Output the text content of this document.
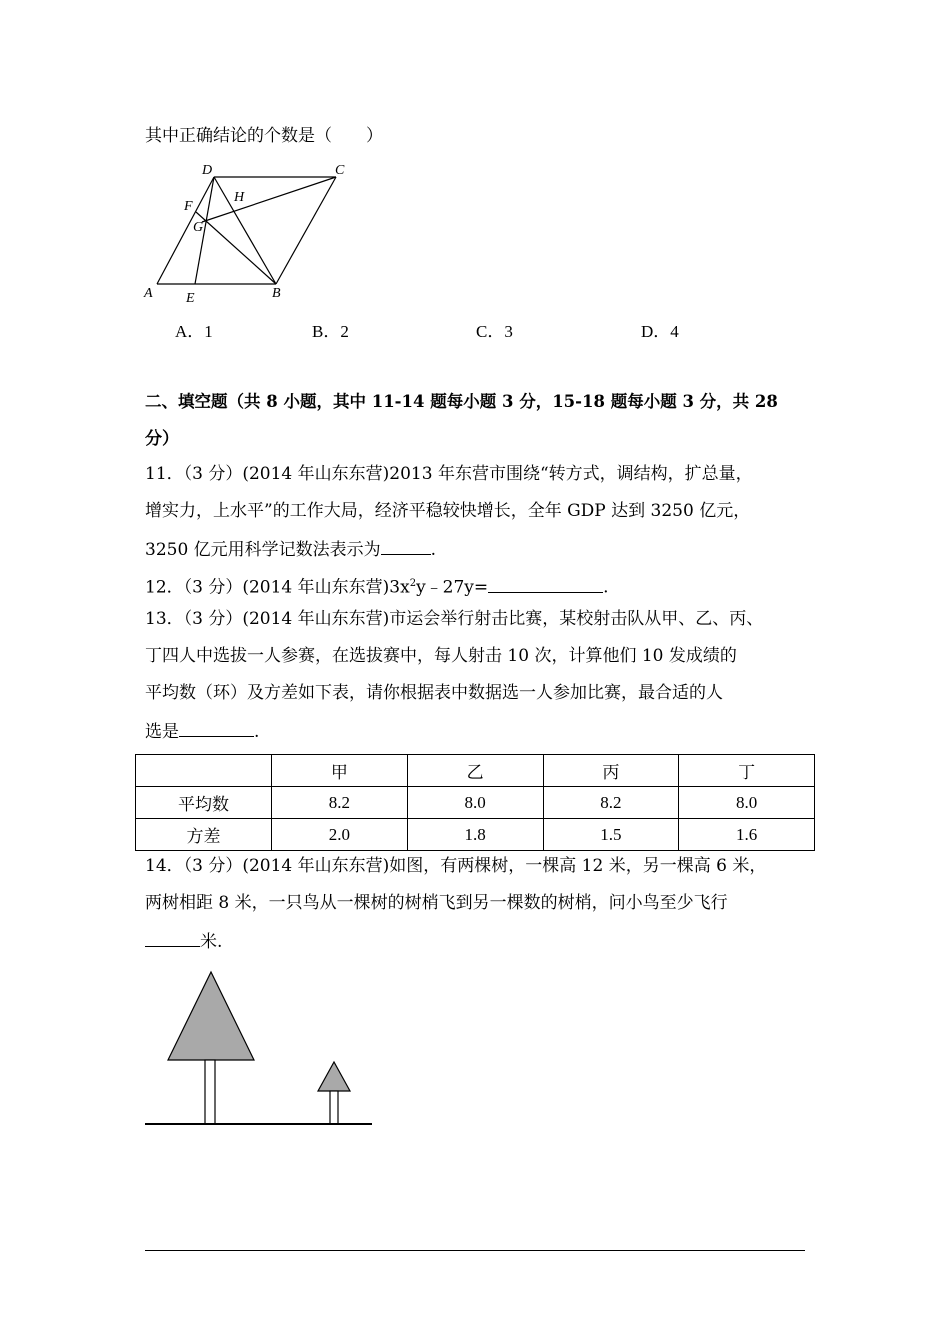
其中正确结论的个数是（　　）
D	C
H
F
G
A E	B
A．1	B．2	C．3	D．4
二、填空题（共 8 小题，其中 11-14 题每小题 3 分，15-18 题每小题 3 分，共 28
分）
11．（3 分）(2014 年山东东营)2013 年东营市围绕“转方式，调结构，扩总量，
增实力，上水平”的工作大局，经济平稳较快增长，全年 GDP 达到 3250 亿元，
3250 亿元用科学记数法表示为	.
12．（3 分）(2014 年山东东营)$3x^2y﹣27y=$	.
13．（3 分）(2014 年山东东营)市运会举行射击比赛，某校射击队从甲、乙、丙、
丁四人中选拔一人参赛，在选拔赛中，每人射击 10 次，计算他们 10 发成绩的
平均数（环）及方差如下表，请你根据表中数据选一人参加比赛，最合适的人
选是	.
	甲	乙	丙	丁
平均数	8.2	8.0	8.2	8.0
方差	2.0	1.8	1.5	1.6
14．（3 分）(2014 年山东东营)如图，有两棵树，一棵高 12 米，另一棵高 6 米，
两树相距 8 米，一只鸟从一棵树的树梢飞到另一棵数的树梢，问小鸟至少飞行
米.
